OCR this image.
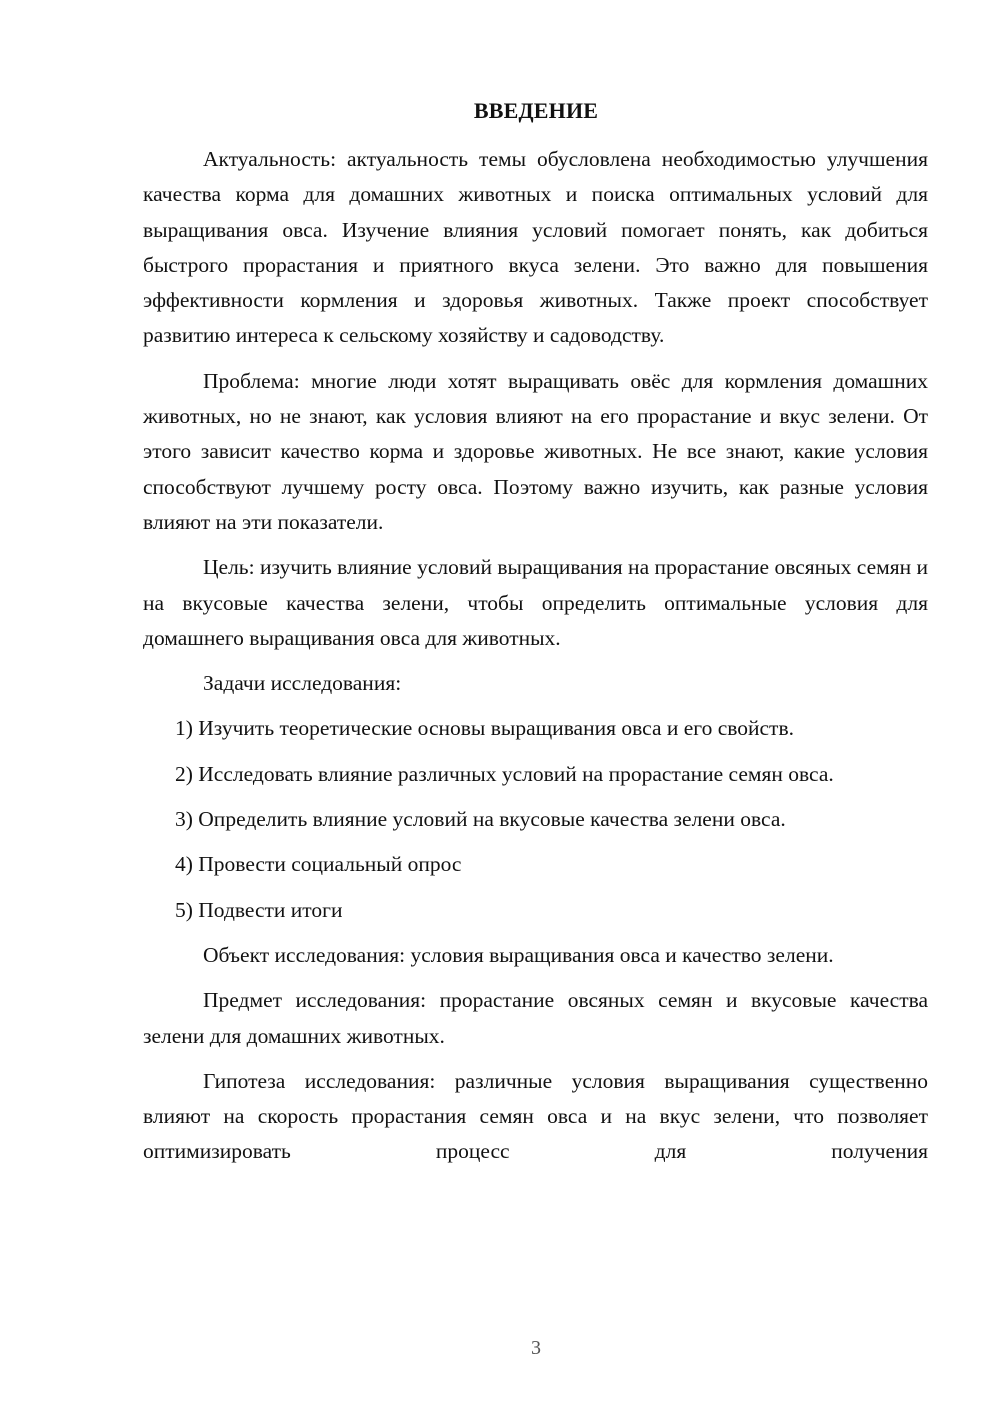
ВВЕДЕНИЕ

Актуальность: актуальность темы обусловлена необходимостью улучшения качества корма для домашних животных и поиска оптимальных условий для выращивания овса. Изучение влияния условий помогает понять, как добиться быстрого прорастания и приятного вкуса зелени. Это важно для повышения эффективности кормления и здоровья животных. Также проект способствует развитию интереса к сельскому хозяйству и садоводству.

Проблема: многие люди хотят выращивать овёс для кормления домашних животных, но не знают, как условия влияют на его прорастание и вкус зелени. От этого зависит качество корма и здоровье животных. Не все знают, какие условия способствуют лучшему росту овса. Поэтому важно изучить, как разные условия влияют на эти показатели.

Цель: изучить влияние условий выращивания на прорастание овсяных семян и на вкусовые качества зелени, чтобы определить оптимальные условия для домашнего выращивания овса для животных.

Задачи исследования:

1) Изучить теоретические основы выращивания овса и его свойств.

2) Исследовать влияние различных условий на прорастание семян овса.

3) Определить влияние условий на вкусовые качества зелени овса.

4) Провести социальный опрос

5) Подвести итоги

Объект исследования: условия выращивания овса и качество зелени.

Предмет исследования: прорастание овсяных семян и вкусовые качества зелени для домашних животных.

Гипотеза исследования: различные условия выращивания существенно влияют на скорость прорастания семян овса и на вкус зелени, что позволяет оптимизировать процесс для получения

3
